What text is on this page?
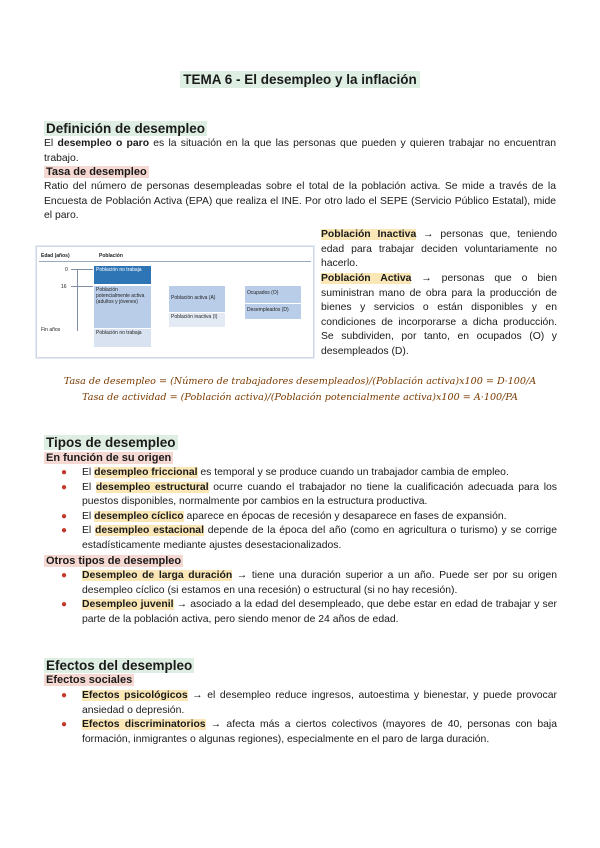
TEMA 6 - El desempleo y la inflación
Definición de desempleo

El desempleo o paro es la situación en la que las personas que pueden y quieren trabajar no encuentran trabajo.

Tasa de desempleo

Ratio del número de personas desempleadas sobre el total de la población activa. Se mide a través de la Encuesta de Población Activa (EPA) que realiza el INE. Por otro lado el SEPE (Servicio Público Estatal), mide el paro.

Edad (años)	Población
0
16
Fin años
Población no trabaja
Población potencialmente activa (adultos y jóvenes)
Población no trabaja
Población activa (A)
Población inactiva (I)
Ocupados (O)
Desempleados (D)

Población Inactiva → personas que, teniendo edad para trabajar deciden voluntariamente no hacerlo.

Población Activa → personas que o bien suministran mano de obra para la producción de bienes y servicios o están disponibles y en condiciones de incorporarse a dicha producción. Se subdividen, por tanto, en ocupados (O) y desempleados (D).

Tasa de desempleo = (Número de trabajadores desempleados)/(Población activa)x100 = D·100/A
Tasa de actividad = (Población activa)/(Población potencialmente activa)x100 = A·100/PA
Tipos de desempleo
En función de su origen
● El desempleo friccional es temporal y se produce cuando un trabajador cambia de empleo.
● El desempleo estructural ocurre cuando el trabajador no tiene la cualificación adecuada para los puestos disponibles, normalmente por cambios en la estructura productiva.
● El desempleo cíclico aparece en épocas de recesión y desaparece en fases de expansión.
● El desempleo estacional depende de la época del año (como en agricultura o turismo) y se corrige estadísticamente mediante ajustes desestacionalizados.
Otros tipos de desempleo
● Desempleo de larga duración → tiene una duración superior a un año. Puede ser por su origen desempleo cíclico (si estamos en una recesión) o estructural (si no hay recesión).
● Desempleo juvenil → asociado a la edad del desempleado, que debe estar en edad de trabajar y ser parte de la población activa, pero siendo menor de 24 años de edad.
Efectos del desempleo
Efectos sociales
● Efectos psicológicos → el desempleo reduce ingresos, autoestima y bienestar, y puede provocar ansiedad o depresión.
● Efectos discriminatorios → afecta más a ciertos colectivos (mayores de 40, personas con baja formación, inmigrantes o algunas regiones), especialmente en el paro de larga duración.
